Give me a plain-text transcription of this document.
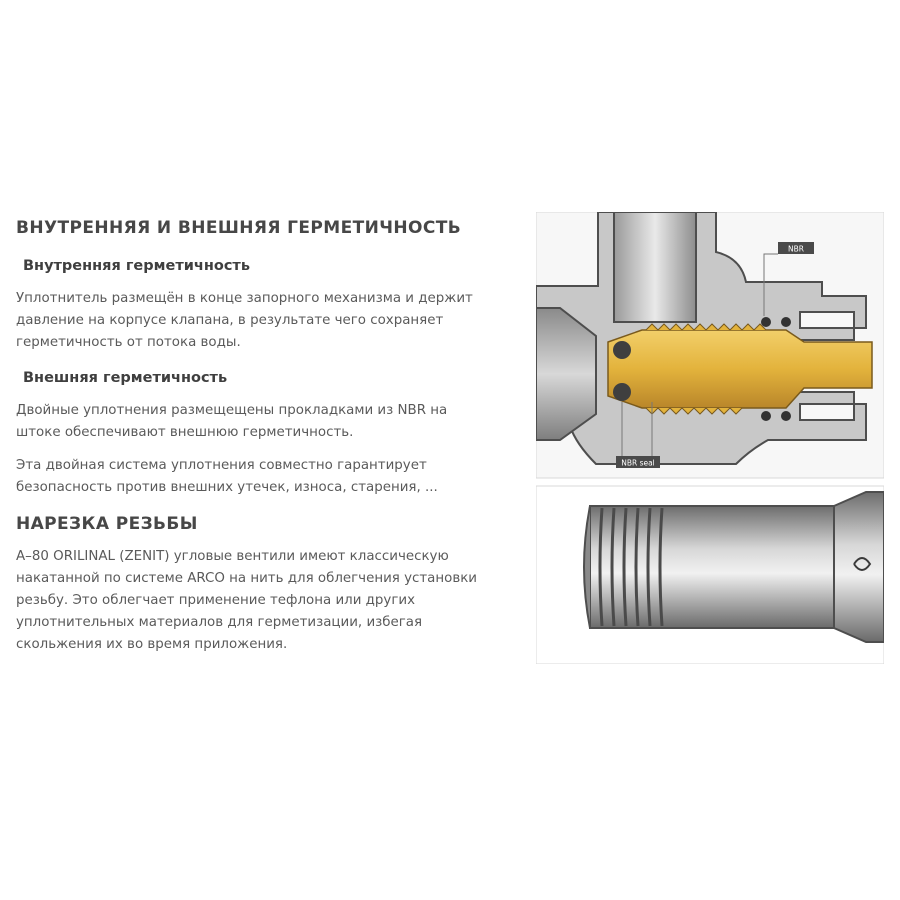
ВНУТРЕННЯЯ И ВНЕШНЯЯ ГЕРМЕТИЧНОСТЬ
Внутренняя герметичность

Уплотнитель размещён в конце запорного механизма и держит
давление на корпусе клапана, в результате чего сохраняет
герметичность от потока воды.

Внешняя герметичность

Двойные уплотнения размещещены прокладками из NBR на
штоке обеспечивают внешнюю герметичность.

Эта двойная система уплотнения совместно гарантирует
безопасность против внешних утечек, износа, старения, ...

НАРЕЗКА РЕЗЬБЫ

А–80 ORILINAL (ZENIT) угловые вентили имеют классическую
накатанной по системе ARCO на нить для облегчения установки
резьбу. Это облегчает применение тефлона или других
уплотнительных материалов для герметизации, избегая
скольжения их во время приложения.

NBR
NBR seal
